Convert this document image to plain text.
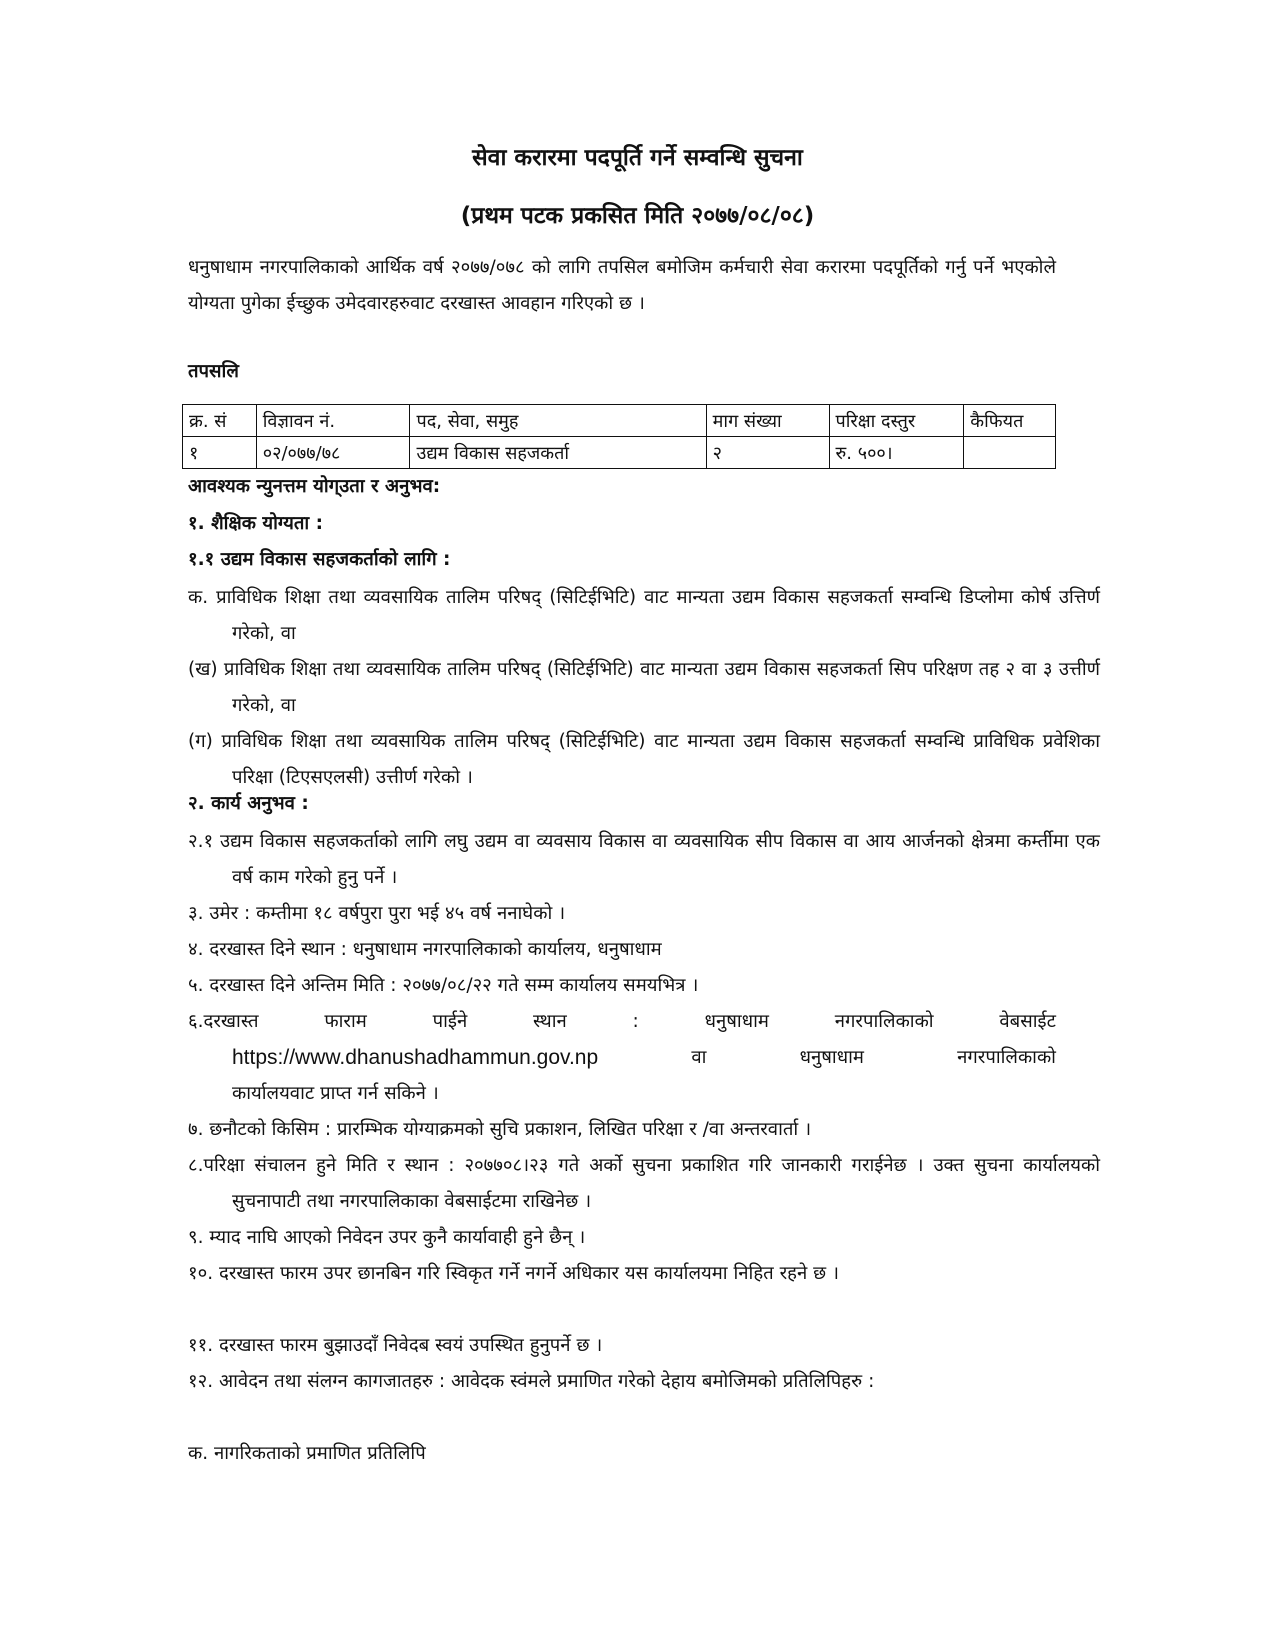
सेवा करारमा पदपूर्ति गर्ने सम्वन्धि सुचना
(प्रथम पटक प्रकसित मिति २०७७/०८/०८)
धनुषाधाम नगरपालिकाको आर्थिक वर्ष २०७७/०७८ को लागि तपसिल बमोजिम कर्मचारी सेवा करारमा पदपूर्तिको गर्नु पर्ने भएकोले योग्यता पुगेका ईच्छुक उमेदवारहरुवाट दरखास्त आवहान गरिएको छ ।
तपसलि
क्र. सं	विज्ञावन नं.	पद, सेवा, समुह	माग संख्या	परिक्षा दस्तुर	कैफियत
१	०२/०७७/७८	उद्यम विकास सहजकर्ता	२	रु. ५००।	
आवश्यक न्युनत्तम योग्उता र अनुभव:
१. शैक्षिक योग्यता :
१.१ उद्यम विकास सहजकर्ताको लागि :
क. प्राविधिक शिक्षा तथा व्यवसायिक तालिम परिषद् (सिटिईभिटि) वाट मान्यता उद्यम विकास सहजकर्ता सम्वन्धि डिप्लोमा कोर्ष उत्तिर्ण गरेको, वा
(ख) प्राविधिक शिक्षा तथा व्यवसायिक तालिम परिषद् (सिटिईभिटि) वाट मान्यता उद्यम विकास सहजकर्ता सिप परिक्षण तह २ वा ३ उत्तीर्ण गरेको, वा
(ग) प्राविधिक शिक्षा तथा व्यवसायिक तालिम परिषद् (सिटिईभिटि) वाट मान्यता उद्यम विकास सहजकर्ता सम्वन्धि प्राविधिक प्रवेशिका परिक्षा (टिएसएलसी) उत्तीर्ण गरेको ।
२. कार्य अनुभव :
२.१ उद्यम विकास सहजकर्ताको लागि लघु उद्यम वा व्यवसाय विकास वा व्यवसायिक सीप विकास वा आय आर्जनको क्षेत्रमा कर्म्तीमा एक वर्ष काम गरेको हुनु पर्ने ।
३. उमेर : कम्तीमा १८ वर्षपुरा पुरा भई ४५ वर्ष ननाघेको ।
४. दरखास्त दिने स्थान : धनुषाधाम नगरपालिकाको कार्यालय, धनुषाधाम
५. दरखास्त दिने अन्तिम मिति : २०७७/०८/२२ गते सम्म कार्यालय समयभित्र ।
६.दरखास्त	फाराम	पाईने	स्थान	:	धनुषाधाम	नगरपालिकाको	वेबसाईट
https://www.dhanushadhammun.gov.np	वा	धनुषाधाम	नगरपालिकाको
कार्यालयवाट प्राप्त गर्न सकिने ।
७. छनौटको किसिम : प्रारम्भिक योग्याक्रमको सुचि प्रकाशन, लिखित परिक्षा र /वा अन्तरवार्ता ।
८.परिक्षा संचालन हुने मिति र स्थान : २०७७०८।२३ गते अर्को सुचना प्रकाशित गरि जानकारी गराईनेछ । उक्त सुचना कार्यालयको सुचनापाटी तथा नगरपालिकाका वेबसाईटमा राखिनेछ ।
९. म्याद नाघि आएको निवेदन उपर कुनै कार्यावाही हुने छैन् ।
१०. दरखास्त फारम उपर छानबिन गरि स्विकृत गर्ने नगर्ने अधिकार यस कार्यालयमा निहित रहने छ ।
११. दरखास्त फारम बुझाउदाँ निवेदब स्वयं उपस्थित हुनुपर्ने छ ।
१२. आवेदन तथा संलग्न कागजातहरु : आवेदक स्वंमले प्रमाणित गरेको देहाय बमोजिमको प्रतिलिपिहरु :
क. नागरिकताको प्रमाणित प्रतिलिपि
